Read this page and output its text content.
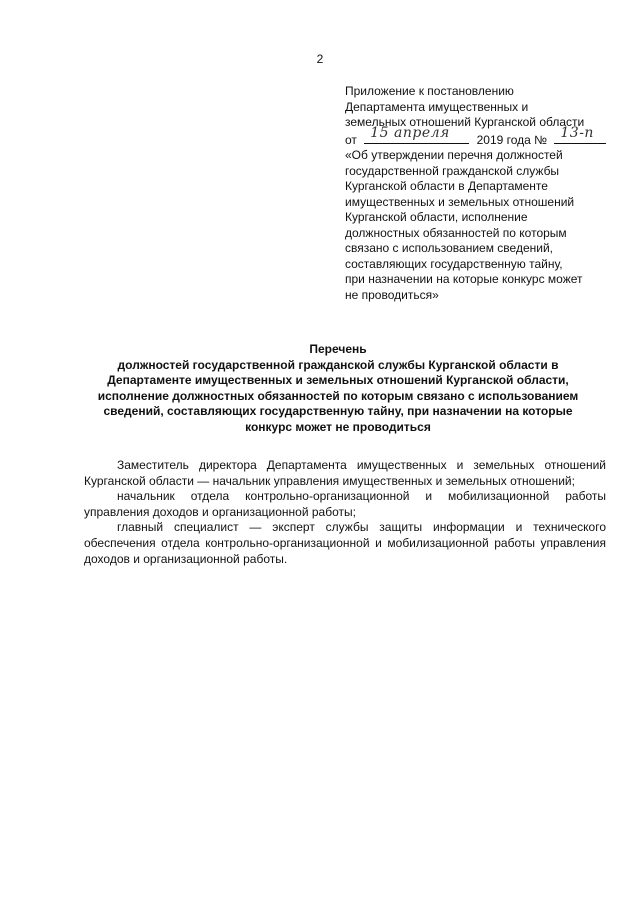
2
Приложение к постановлению
Департамента имущественных и
земельных отношений Курганской области
от 15 апреля 2019 года № 13-п
«Об утверждении перечня должностей
государственной гражданской службы
Курганской области в Департаменте
имущественных и земельных отношений
Курганской области, исполнение
должностных обязанностей по которым
связано с использованием сведений,
составляющих государственную тайну,
при назначении на которые конкурс может
не проводиться»
Перечень
должностей государственной гражданской службы Курганской области в
Департаменте имущественных и земельных отношений Курганской области,
исполнение должностных обязанностей по которым связано с использованием
сведений, составляющих государственную тайну, при назначении на которые
конкурс может не проводиться

Заместитель директора Департамента имущественных и земельных отношений Курганской области — начальник управления имущественных и земельных отношений;

начальник отдела контрольно-организационной и мобилизационной работы управления доходов и организационной работы;

главный специалист — эксперт службы защиты информации и технического обеспечения отдела контрольно-организационной и мобилизационной работы управления доходов и организационной работы.
